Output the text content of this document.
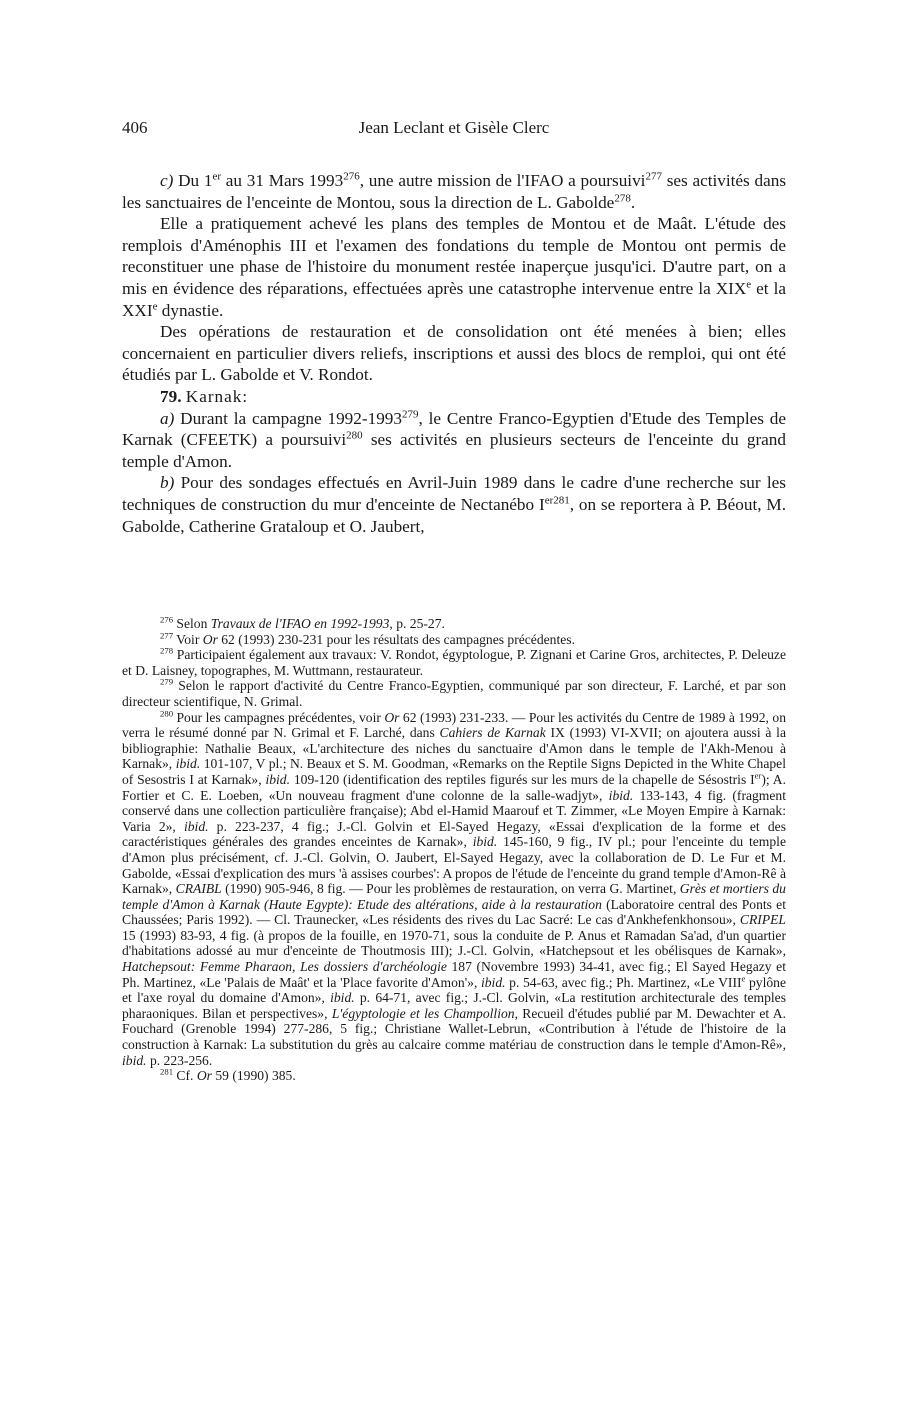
406	Jean Leclant et Gisèle Clerc

c) Du 1er au 31 Mars 1993$^{276}$, une autre mission de l'IFAO a poursuivi$^{277}$ ses activités dans les sanctuaires de l'enceinte de Montou, sous la direction de L. Gabolde$^{278}$.

Elle a pratiquement achevé les plans des temples de Montou et de Maât. L'étude des remplois d'Aménophis III et l'examen des fondations du temple de Montou ont permis de reconstituer une phase de l'histoire du monument restée inaperçue jusqu'ici. D'autre part, on a mis en évidence des réparations, effectuées après une catastrophe intervenue entre la XIXe et la XXIe dynastie.

Des opérations de restauration et de consolidation ont été menées à bien; elles concernaient en particulier divers reliefs, inscriptions et aussi des blocs de remploi, qui ont été étudiés par L. Gabolde et V. Rondot.

79. Karnak:

a) Durant la campagne 1992-1993$^{279}$, le Centre Franco-Egyptien d'Etude des Temples de Karnak (CFEETK) a poursuivi$^{280}$ ses activités en plusieurs secteurs de l'enceinte du grand temple d'Amon.

b) Pour des sondages effectués en Avril-Juin 1989 dans le cadre d'une recherche sur les techniques de construction du mur d'enceinte de Nectanébo $I^{er281}$, on se reportera à P. Béout, M. Gabolde, Catherine Grataloup et O. Jaubert,

$^{276}$ Selon Travaux de l'IFAO en 1992-1993, p. 25-27.

$^{277}$ Voir Or 62 (1993) 230-231 pour les résultats des campagnes précédentes.

$^{278}$ Participaient également aux travaux: V. Rondot, égyptologue, P. Zignani et Carine Gros, architectes, P. Deleuze et D. Laisney, topographes, M. Wuttmann, restaurateur.

$^{279}$ Selon le rapport d'activité du Centre Franco-Egyptien, communiqué par son directeur, F. Larché, et par son directeur scientifique, N. Grimal.

$^{280}$ Pour les campagnes précédentes, voir Or 62 (1993) 231-233. — Pour les activités du Centre de 1989 à 1992, on verra le résumé donné par N. Grimal et F. Larché, dans Cahiers de Karnak IX (1993) VI-XVII; on ajoutera aussi à la bibliographie: Nathalie Beaux, «L'architecture des niches du sanctuaire d'Amon dans le temple de l'Akh-Menou à Karnak», ibid. 101-107, V pl.; N. Beaux et S. M. Goodman, «Remarks on the Reptile Signs Depicted in the White Chapel of Sesostris I at Karnak», ibid. 109-120 (identification des reptiles figurés sur les murs de la chapelle de Sésostris Ier); A. Fortier et C. E. Loeben, «Un nouveau fragment d'une colonne de la salle-wadjyt», ibid. 133-143, 4 fig. (fragment conservé dans une collection particulière française); Abd el-Hamid Maarouf et T. Zimmer, «Le Moyen Empire à Karnak: Varia 2», ibid. p. 223-237, 4 fig.; J.-Cl. Golvin et El-Sayed Hegazy, «Essai d'explication de la forme et des caractéristiques générales des grandes enceintes de Karnak», ibid. 145-160, 9 fig., IV pl.; pour l'enceinte du temple d'Amon plus précisément, cf. J.-Cl. Golvin, O. Jaubert, El-Sayed Hegazy, avec la collaboration de D. Le Fur et M. Gabolde, «Essai d'explication des murs 'à assises courbes': A propos de l'étude de l'enceinte du grand temple d'Amon-Rê à Karnak», CRAIBL (1990) 905-946, 8 fig. — Pour les problèmes de restauration, on verra G. Martinet, Grès et mortiers du temple d'Amon à Karnak (Haute Egypte): Etude des altérations, aide à la restauration (Laboratoire central des Ponts et Chaussées; Paris 1992). — Cl. Traunecker, «Les résidents des rives du Lac Sacré: Le cas d'Ankhefenkhonsou», CRIPEL 15 (1993) 83-93, 4 fig. (à propos de la fouille, en 1970-71, sous la conduite de P. Anus et Ramadan Sa'ad, d'un quartier d'habitations adossé au mur d'enceinte de Thoutmosis III); J.-Cl. Golvin, «Hatchepsout et les obélisques de Karnak», Hatchepsout: Femme Pharaon, Les dossiers d'archéologie 187 (Novembre 1993) 34-41, avec fig.; El Sayed Hegazy et Ph. Martinez, «Le 'Palais de Maât' et la 'Place favorite d'Amon'», ibid. p. 54-63, avec fig.; Ph. Martinez, «Le VIIIe pylône et l'axe royal du domaine d'Amon», ibid. p. 64-71, avec fig.; J.-Cl. Golvin, «La restitution architecturale des temples pharaoniques. Bilan et perspectives», L'égyptologie et les Champollion, Recueil d'études publié par M. Dewachter et A. Fouchard (Grenoble 1994) 277-286, 5 fig.; Christiane Wallet-Lebrun, «Contribution à l'étude de l'histoire de la construction à Karnak: La substitution du grès au calcaire comme matériau de construction dans le temple d'Amon-Rê», ibid. p. 223-256.

$^{281}$ Cf. Or 59 (1990) 385.
